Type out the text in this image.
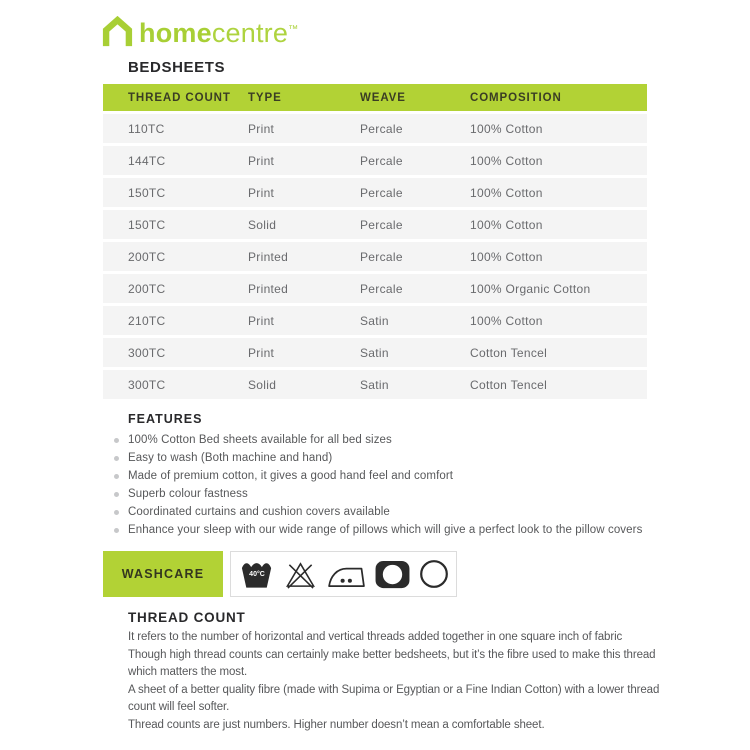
homecentre™
BEDSHEETS
THREAD COUNT	TYPE	WEAVE	COMPOSITION
110TC	Print	Percale	100% Cotton
144TC	Print	Percale	100% Cotton
150TC	Print	Percale	100% Cotton
150TC	Solid	Percale	100% Cotton
200TC	Printed	Percale	100% Cotton
200TC	Printed	Percale	100% Organic Cotton
210TC	Print	Satin	100% Cotton
300TC	Print	Satin	Cotton Tencel
300TC	Solid	Satin	Cotton Tencel
FEATURES
100% Cotton Bed sheets available for all bed sizes
Easy to wash (Both machine and hand)
Made of premium cotton, it gives a good hand feel and comfort
Superb colour fastness
Coordinated curtains and cushion covers available
Enhance your sleep with our wide range of pillows which will give a perfect look to the pillow covers
WASHCARE	40°C
THREAD COUNT

It refers to the number of horizontal and vertical threads added together in one square inch of fabric

Though high thread counts can certainly make better bedsheets, but it’s the fibre used to make this thread which matters the most.

A sheet of a better quality fibre (made with Supima or Egyptian or a Fine Indian Cotton) with a lower thread count will feel softer.

Thread counts are just numbers. Higher number doesn’t mean a comfortable sheet.
